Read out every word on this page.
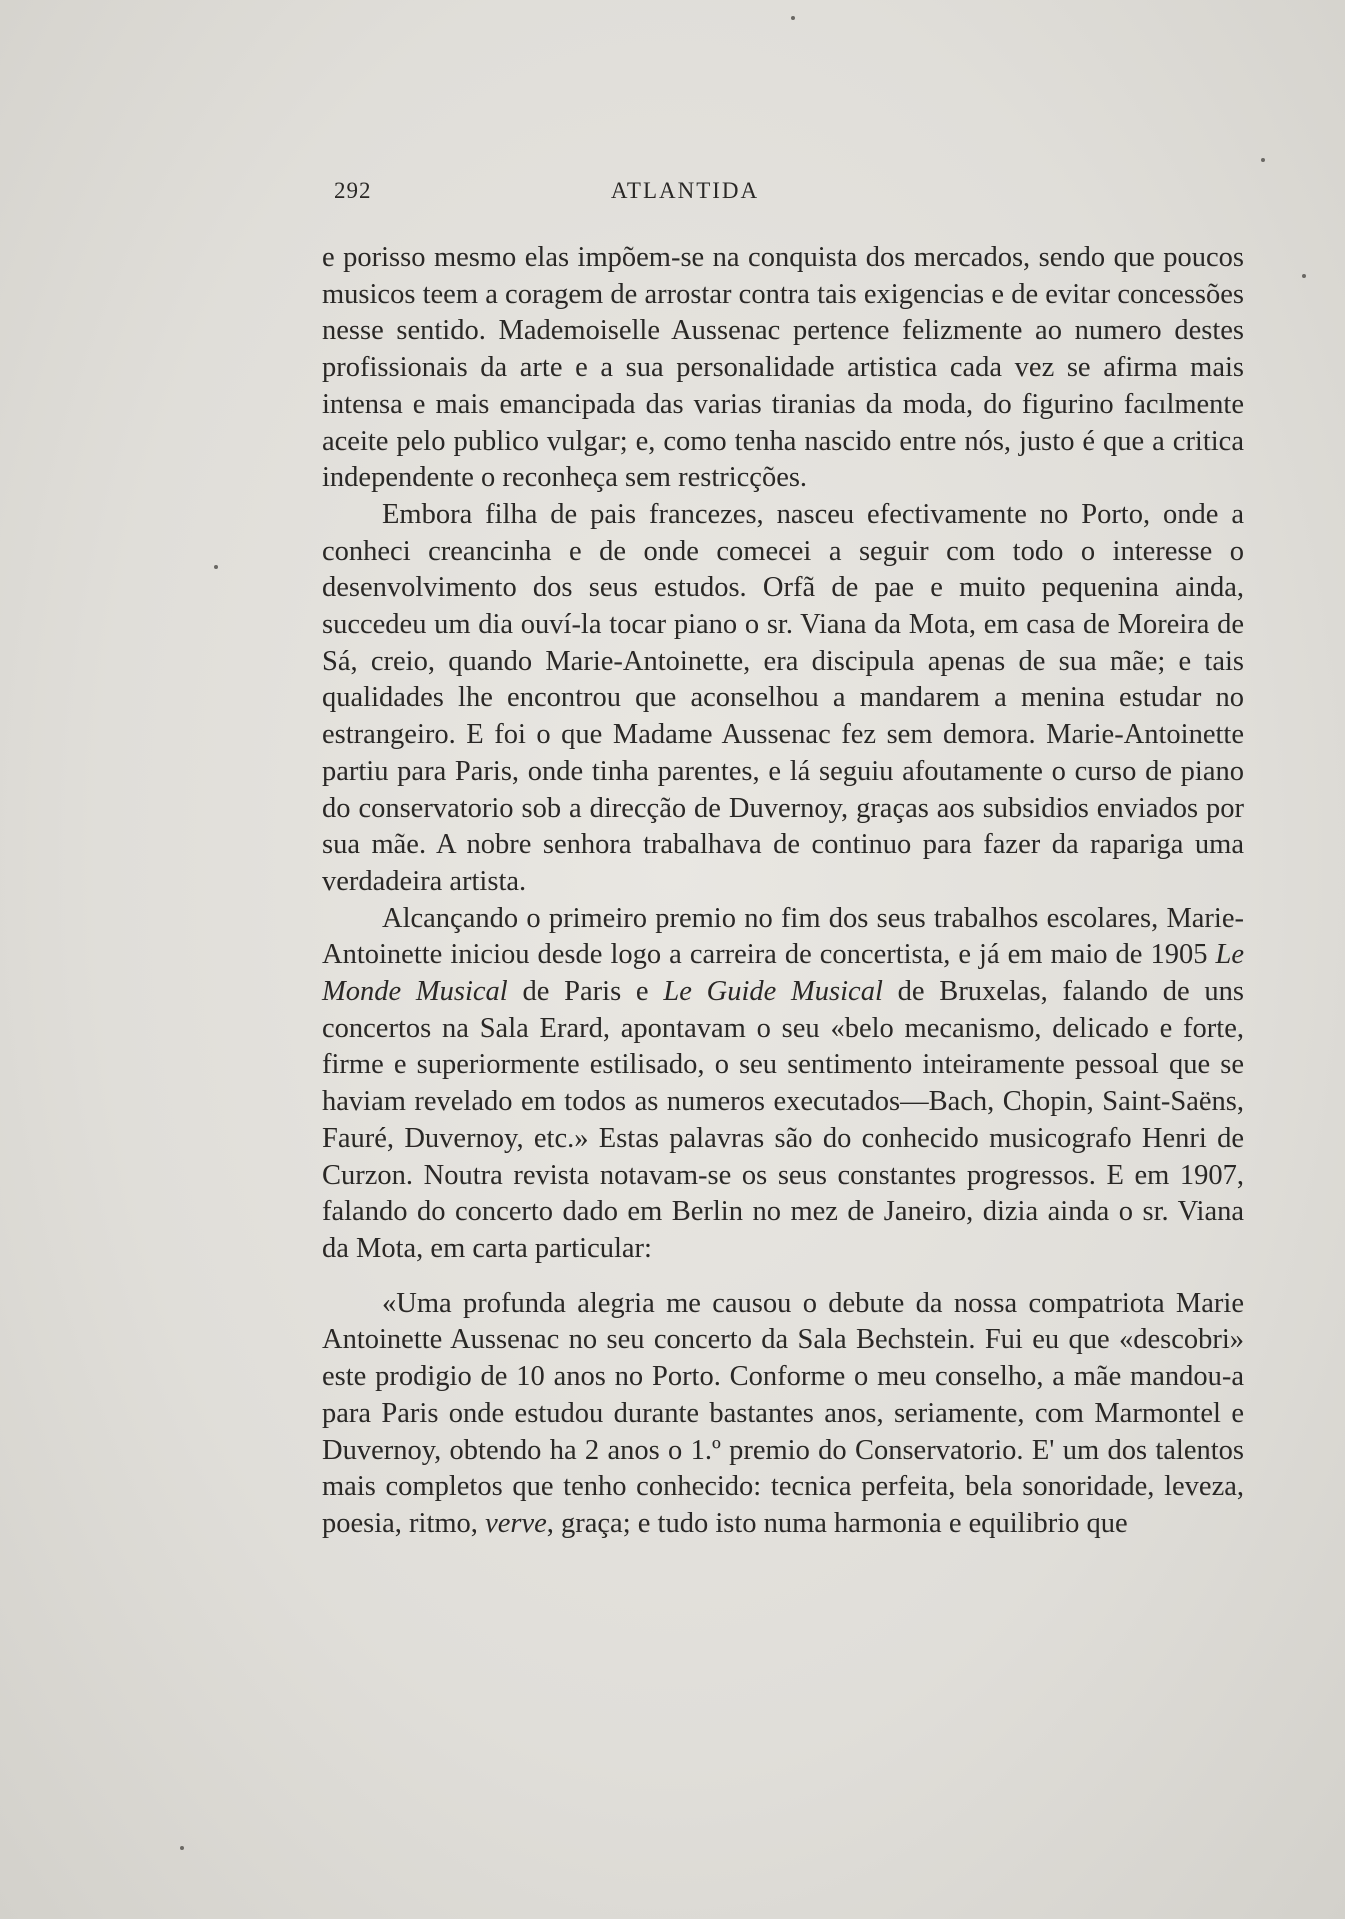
292	ATLANTIDA

e porisso mesmo elas impõem-se na conquista dos mercados, sendo que poucos musicos teem a coragem de arrostar contra tais exigencias e de evitar concessões nesse sentido. Mademoiselle Aussenac pertence felizmente ao numero destes profissionais da arte e a sua personalidade artistica cada vez se afirma mais intensa e mais emancipada das varias tiranias da moda, do figurino facılmente aceite pelo publico vulgar; e, como tenha nascido entre nós, justo é que a critica independente o reconheça sem restricções.

Embora filha de pais francezes, nasceu efectivamente no Porto, onde a conheci creancinha e de onde comecei a seguir com todo o interesse o desenvolvimento dos seus estudos. Orfã de pae e muito pequenina ainda, succedeu um dia ouví-la tocar piano o sr. Viana da Mota, em casa de Moreira de Sá, creio, quando Marie-Antoinette, era discipula apenas de sua mãe; e tais qualidades lhe encontrou que aconselhou a mandarem a menina estudar no estrangeiro. E foi o que Madame Aussenac fez sem demora. Marie-Antoinette partiu para Paris, onde tinha parentes, e lá seguiu afoutamente o curso de piano do conservatorio sob a direcção de Duvernoy, graças aos subsidios enviados por sua mãe. A nobre senhora trabalhava de continuo para fazer da rapariga uma verdadeira artista.

Alcançando o primeiro premio no fim dos seus trabalhos escolares, Marie-Antoinette iniciou desde logo a carreira de concertista, e já em maio de 1905 Le Monde Musical de Paris e Le Guide Musical de Bruxelas, falando de uns concertos na Sala Erard, apontavam o seu «belo mecanismo, delicado e forte, firme e superiormente estilisado, o seu sentimento inteiramente pessoal que se haviam revelado em todos as numeros executados—Bach, Chopin, Saint-Saëns, Fauré, Duvernoy, etc.» Estas palavras são do conhecido musicografo Henri de Curzon. Noutra revista notavam-se os seus constantes progressos. E em 1907, falando do concerto dado em Berlin no mez de Janeiro, dizia ainda o sr. Viana da Mota, em carta particular:

«Uma profunda alegria me causou o debute da nossa compatriota Marie Antoinette Aussenac no seu concerto da Sala Bechstein. Fui eu que «descobri» este prodigio de 10 anos no Porto. Conforme o meu conselho, a mãe mandou-a para Paris onde estudou durante bastantes anos, seriamente, com Marmontel e Duvernoy, obtendo ha 2 anos o 1.º premio do Conservatorio. E' um dos talentos mais completos que tenho conhecido: tecnica perfeita, bela sonoridade, leveza, poesia, ritmo, verve, graça; e tudo isto numa harmonia e equilibrio que
